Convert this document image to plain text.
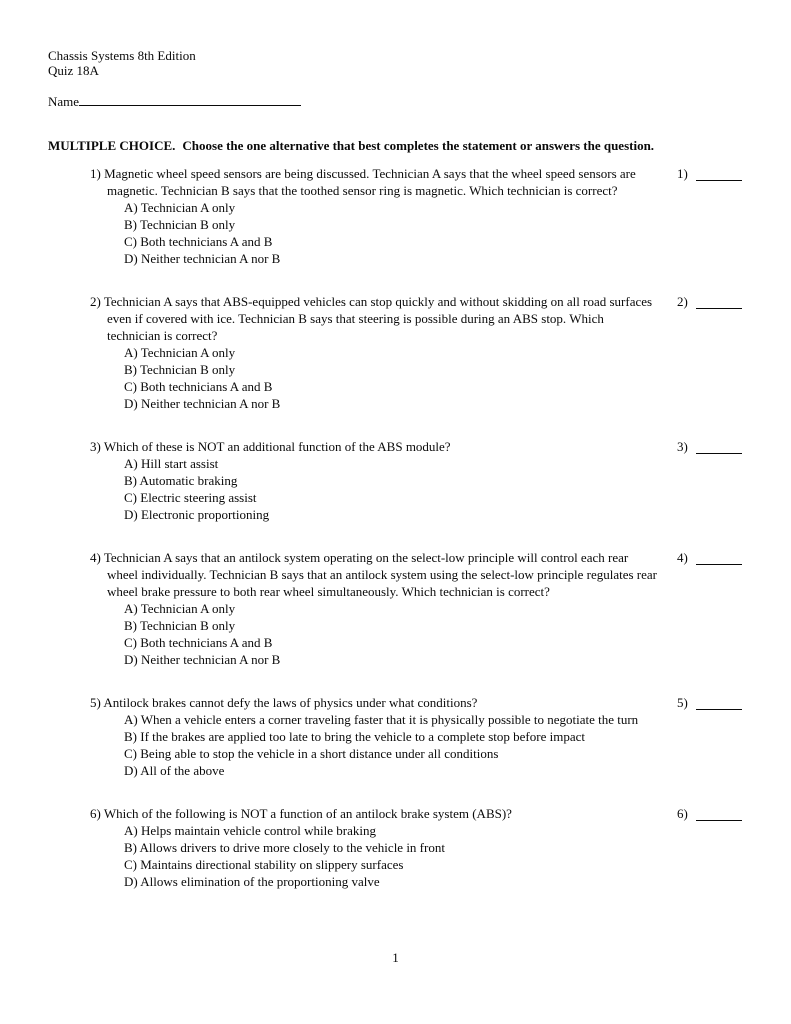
Chassis Systems 8th Edition
Quiz 18A
Name
MULTIPLE CHOICE. Choose the one alternative that best completes the statement or answers the question.
1) Magnetic wheel speed sensors are being discussed. Technician A says that the wheel speed sensors are magnetic. Technician B says that the toothed sensor ring is magnetic. Which technician is correct?
A) Technician A only
B) Technician B only
C) Both technicians A and B
D) Neither technician A nor B
1)
2) Technician A says that ABS-equipped vehicles can stop quickly and without skidding on all road surfaces even if covered with ice. Technician B says that steering is possible during an ABS stop. Which technician is correct?
A) Technician A only
B) Technician B only
C) Both technicians A and B
D) Neither technician A nor B
2)
3) Which of these is NOT an additional function of the ABS module?
A) Hill start assist
B) Automatic braking
C) Electric steering assist
D) Electronic proportioning
3)
4) Technician A says that an antilock system operating on the select-low principle will control each rear wheel individually. Technician B says that an antilock system using the select-low principle regulates rear wheel brake pressure to both rear wheel simultaneously. Which technician is correct?
A) Technician A only
B) Technician B only
C) Both technicians A and B
D) Neither technician A nor B
4)
5) Antilock brakes cannot defy the laws of physics under what conditions?
A) When a vehicle enters a corner traveling faster that it is physically possible to negotiate the turn
B) If the brakes are applied too late to bring the vehicle to a complete stop before impact
C) Being able to stop the vehicle in a short distance under all conditions
D) All of the above
5)
6) Which of the following is NOT a function of an antilock brake system (ABS)?
A) Helps maintain vehicle control while braking
B) Allows drivers to drive more closely to the vehicle in front
C) Maintains directional stability on slippery surfaces
D) Allows elimination of the proportioning valve
6)
1
